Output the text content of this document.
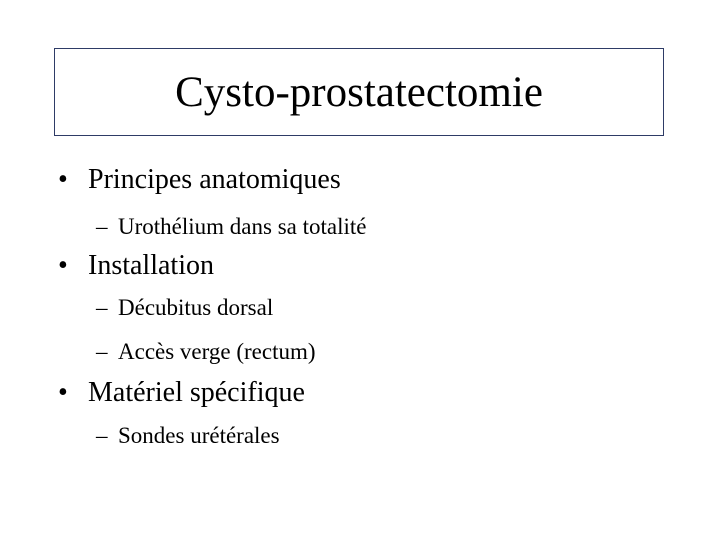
Cysto-prostatectomie
• Principes anatomiques
– Urothélium dans sa totalité
• Installation
– Décubitus dorsal
– Accès verge (rectum)
• Matériel spécifique
– Sondes urétérales
